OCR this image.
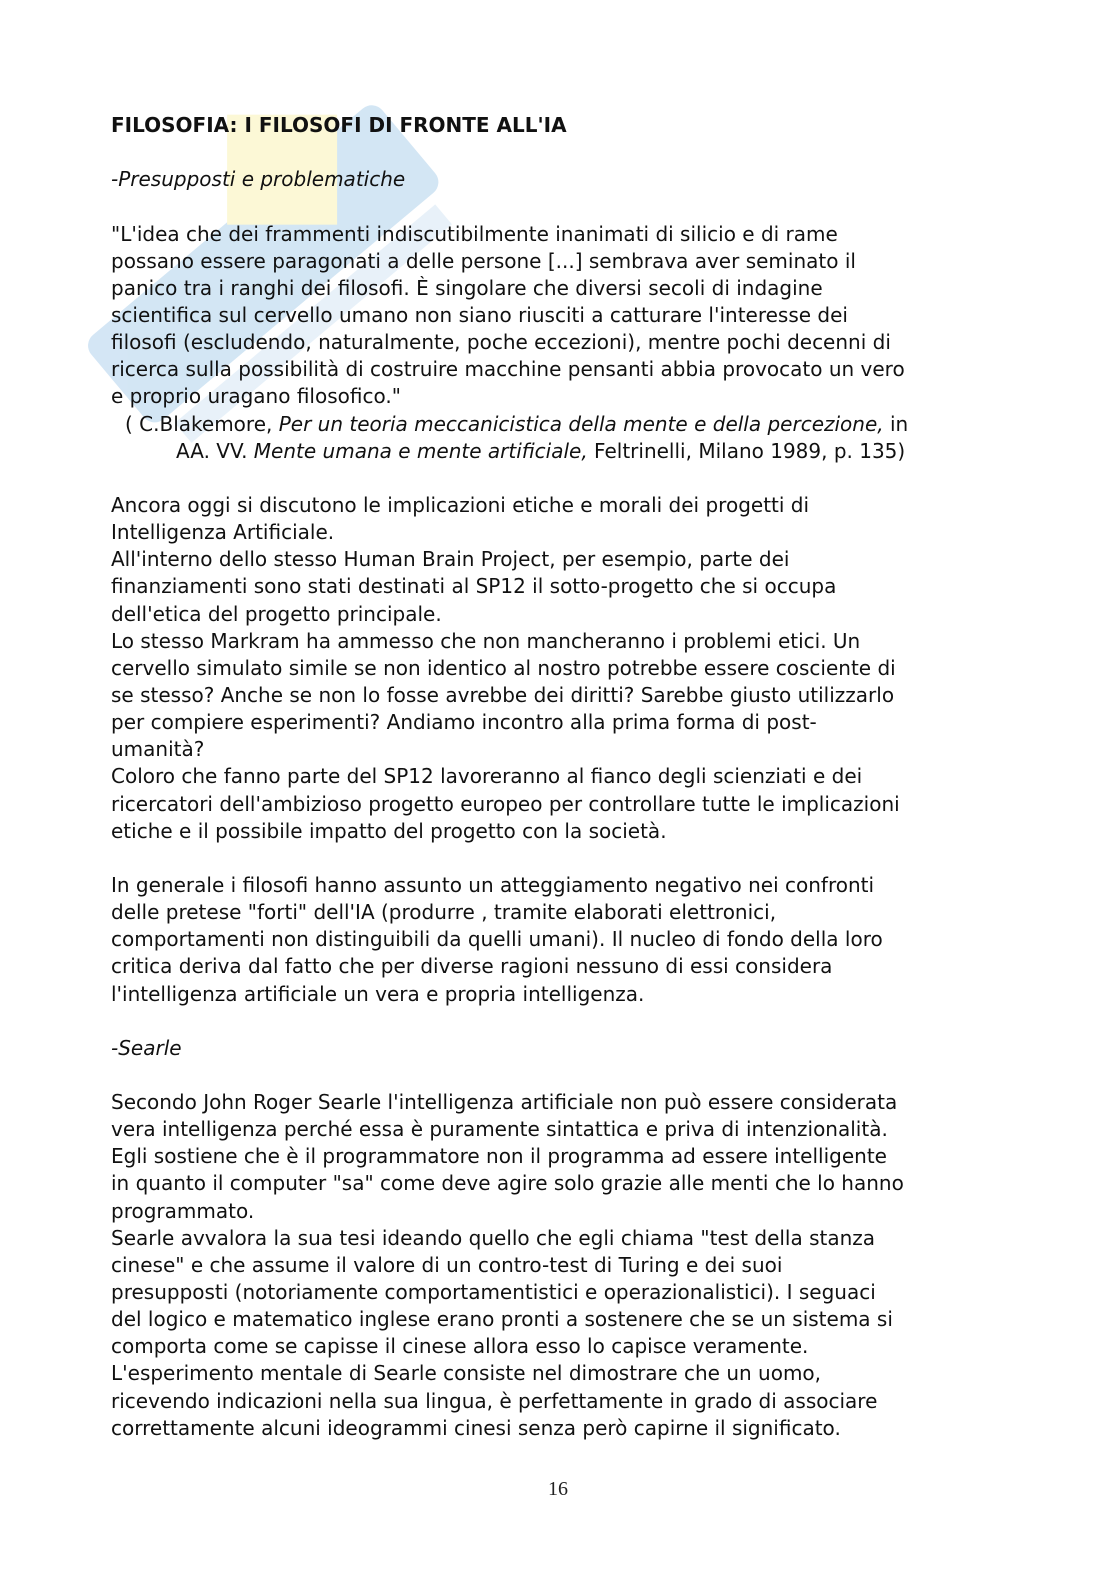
FILOSOFIA: I FILOSOFI DI FRONTE ALL'IA
-Presupposti e problematiche
"L'idea che dei frammenti indiscutibilmente inanimati di silicio e di rame
possano essere paragonati a delle persone [...] sembrava aver seminato il
panico tra i ranghi dei filosofi. È singolare che diversi secoli di indagine
scientifica sul cervello umano non siano riusciti a catturare l'interesse dei
filosofi (escludendo, naturalmente, poche eccezioni), mentre pochi decenni di
ricerca sulla possibilità di costruire macchine pensanti abbia provocato un vero
e proprio uragano filosofico."
( C.Blakemore, Per un teoria meccanicistica della mente e della percezione, in
AA. VV. Mente umana e mente artificiale, Feltrinelli, Milano 1989, p. 135)
Ancora oggi si discutono le implicazioni etiche e morali dei progetti di
Intelligenza Artificiale.
All'interno dello stesso Human Brain Project, per esempio, parte dei
finanziamenti sono stati destinati al SP12 il sotto-progetto che si occupa
dell'etica del progetto principale.
Lo stesso Markram ha ammesso che non mancheranno i problemi etici. Un
cervello simulato simile se non identico al nostro potrebbe essere cosciente di
se stesso? Anche se non lo fosse avrebbe dei diritti? Sarebbe giusto utilizzarlo
per compiere esperimenti? Andiamo incontro alla prima forma di post-
umanità?
Coloro che fanno parte del SP12 lavoreranno al fianco degli scienziati e dei
ricercatori dell'ambizioso progetto europeo per controllare tutte le implicazioni
etiche e il possibile impatto del progetto con la società.
In generale i filosofi hanno assunto un atteggiamento negativo nei confronti
delle pretese "forti" dell'IA (produrre , tramite elaborati elettronici,
comportamenti non distinguibili da quelli umani). Il nucleo di fondo della loro
critica deriva dal fatto che per diverse ragioni nessuno di essi considera
l'intelligenza artificiale un vera e propria intelligenza.
-Searle
Secondo John Roger Searle l'intelligenza artificiale non può essere considerata
vera intelligenza perché essa è puramente sintattica e priva di intenzionalità.
Egli sostiene che è il programmatore non il programma ad essere intelligente
in quanto il computer "sa" come deve agire solo grazie alle menti che lo hanno
programmato.
Searle avvalora la sua tesi ideando quello che egli chiama "test della stanza
cinese" e che assume il valore di un contro-test di Turing e dei suoi
presupposti (notoriamente comportamentistici e operazionalistici). I seguaci
del logico e matematico inglese erano pronti a sostenere che se un sistema si
comporta come se capisse il cinese allora esso lo capisce veramente.
L'esperimento mentale di Searle consiste nel dimostrare che un uomo,
ricevendo indicazioni nella sua lingua, è perfettamente in grado di associare
correttamente alcuni ideogrammi cinesi senza però capirne il significato.
16
